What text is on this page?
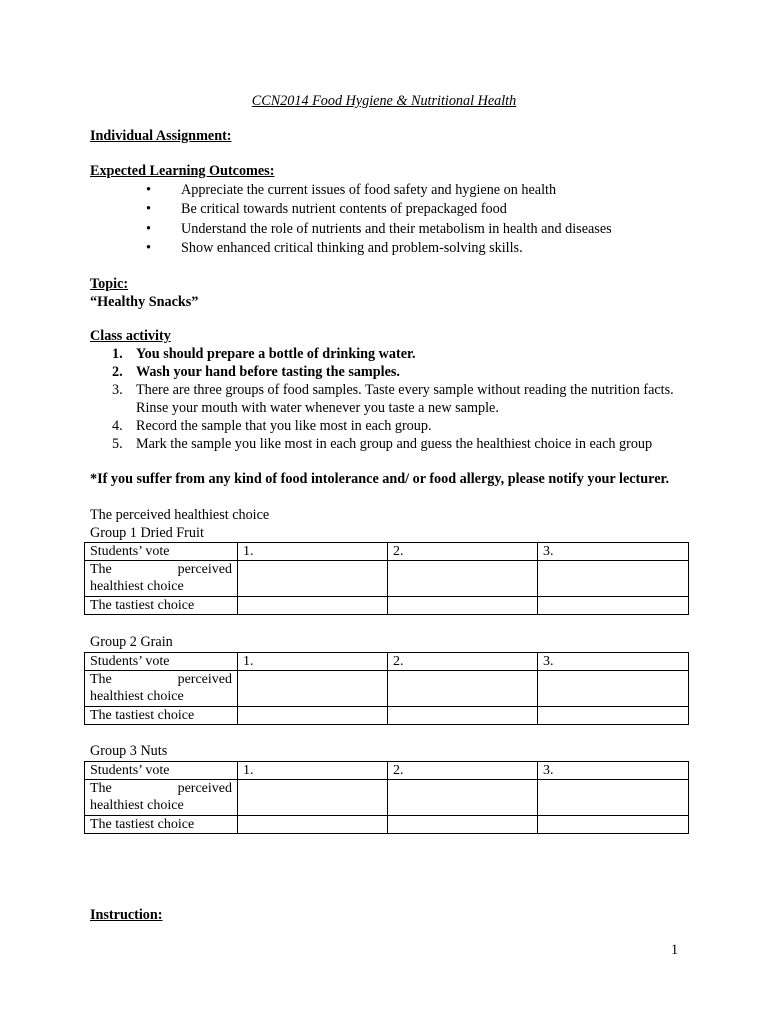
CCN2014 Food Hygiene & Nutritional Health
Individual Assignment:
Expected Learning Outcomes:
• Appreciate the current issues of food safety and hygiene on health
• Be critical towards nutrient contents of prepackaged food
• Understand the role of nutrients and their metabolism in health and diseases
• Show enhanced critical thinking and problem-solving skills.
Topic:
“Healthy Snacks”
Class activity
1. You should prepare a bottle of drinking water.
2. Wash your hand before tasting the samples.
3. There are three groups of food samples. Taste every sample without reading the nutrition facts.
Rinse your mouth with water whenever you taste a new sample.
4. Record the sample that you like most in each group.
5. Mark the sample you like most in each group and guess the healthiest choice in each group
*If you suffer from any kind of food intolerance and/ or food allergy, please notify your lecturer.
The perceived healthiest choice
Group 1 Dried Fruit
Students’ vote	1.	2.	3.

The perceived
healthiest choice			

The tastiest choice			
Group 2 Grain
Students’ vote	1.	2.	3.

The perceived
healthiest choice			

The tastiest choice			
Group 3 Nuts
Students’ vote	1.	2.	3.

The perceived
healthiest choice			

The tastiest choice			
Instruction:
1
